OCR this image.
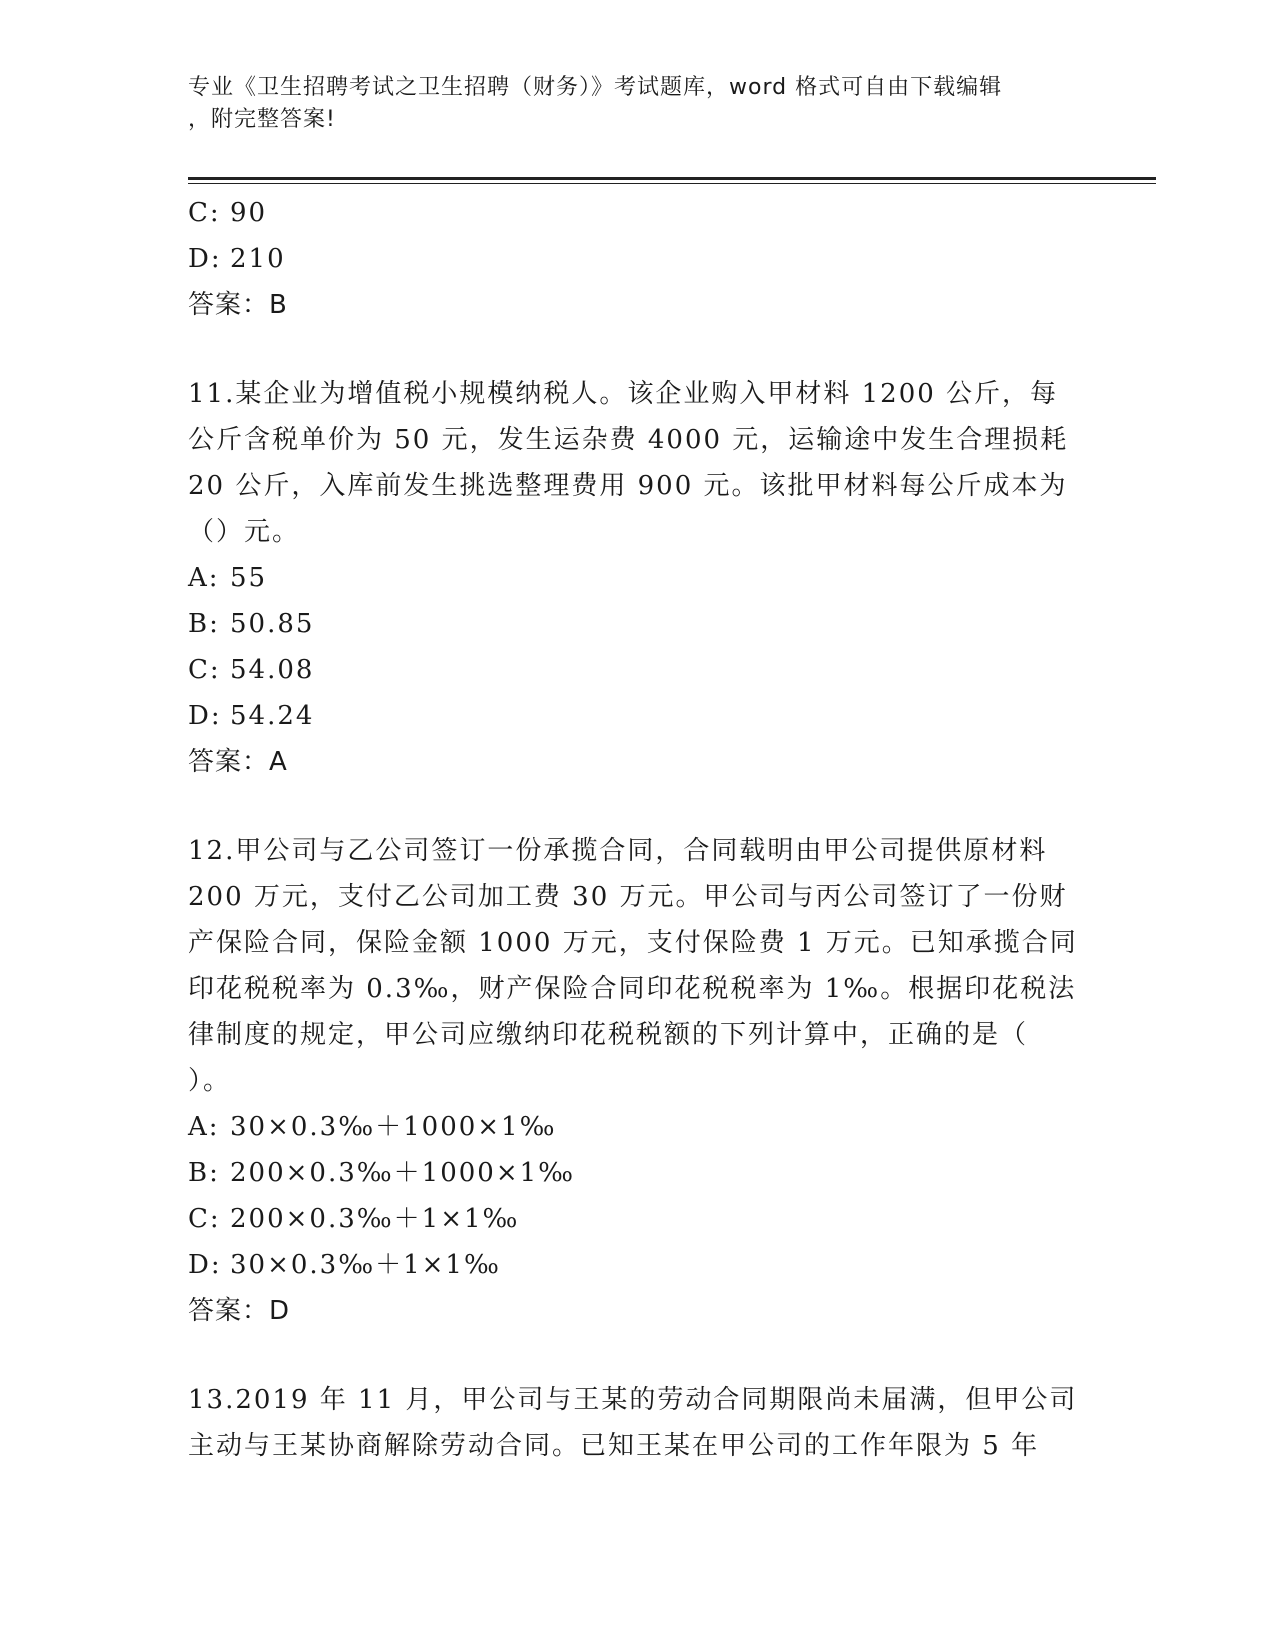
专业《卫生招聘考试之卫生招聘（财务）》考试题库，word 格式可自由下载编辑
，附完整答案!
C: 90
D: 210
答案：B
11.某企业为增值税小规模纳税人。该企业购入甲材料 1200 公斤，每
公斤含税单价为 50 元，发生运杂费 4000 元，运输途中发生合理损耗
20 公斤，入库前发生挑选整理费用 900 元。该批甲材料每公斤成本为
（）元。
A: 55
B: 50.85
C: 54.08
D: 54.24
答案：A
12.甲公司与乙公司签订一份承揽合同，合同载明由甲公司提供原材料
200 万元，支付乙公司加工费 30 万元。甲公司与丙公司签订了一份财
产保险合同，保险金额 1000 万元，支付保险费 1 万元。已知承揽合同
印花税税率为 0.3‰，财产保险合同印花税税率为 1‰。根据印花税法
律制度的规定，甲公司应缴纳印花税税额的下列计算中，正确的是（
）。
A: 30×0.3‰＋1000×1‰
B: 200×0.3‰＋1000×1‰
C: 200×0.3‰＋1×1‰
D: 30×0.3‰＋1×1‰
答案：D
13.2019 年 11 月，甲公司与王某的劳动合同期限尚未届满，但甲公司
主动与王某协商解除劳动合同。已知王某在甲公司的工作年限为 5 年
